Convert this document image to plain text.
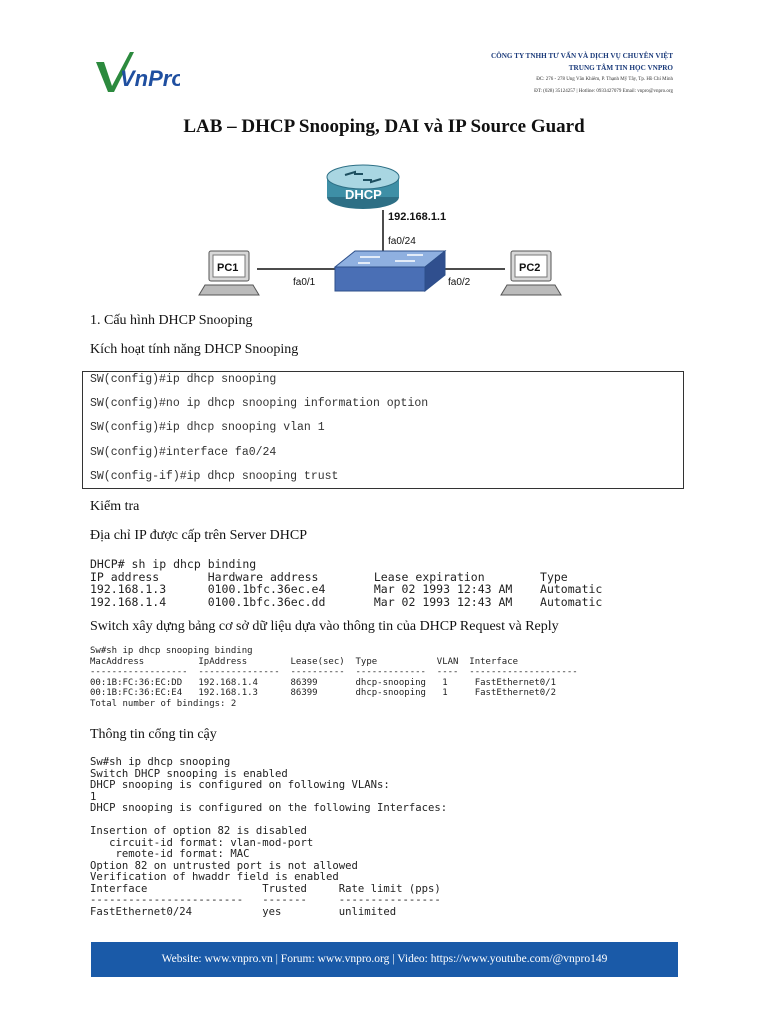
VnPro
CÔNG TY TNHH TƯ VẤN VÀ DỊCH VỤ CHUYÊN VIỆT
TRUNG TÂM TIN HỌC VNPRO
ĐC: 276 - 278 Ung Văn Khiêm, P. Thạnh Mỹ Tây, Tp. Hồ Chí Minh
ĐT: (028) 35124257 | Hotline: 0933427079 Email: vnpro@vnpro.org
LAB – DHCP Snooping, DAI và IP Source Guard
DHCP
192.168.1.1
fa0/24
PC1
fa0/1
PC2
fa0/2
1. Cấu hình DHCP Snooping
Kích hoạt tính năng DHCP Snooping
SW(config)#ip dhcp snooping
SW(config)#no ip dhcp snooping information option
SW(config)#ip dhcp snooping vlan 1
SW(config)#interface fa0/24
SW(config-if)#ip dhcp snooping trust
Kiểm tra
Địa chỉ IP được cấp trên Server DHCP
DHCP# sh ip dhcp binding
IP address       Hardware address        Lease expiration        Type
192.168.1.3      0100.1bfc.36ec.e4       Mar 02 1993 12:43 AM    Automatic
192.168.1.4      0100.1bfc.36ec.dd       Mar 02 1993 12:43 AM    Automatic
Switch xây dựng bảng cơ sở dữ liệu dựa vào thông tin của DHCP Request và Reply
Sw#sh ip dhcp snooping binding
MacAddress          IpAddress        Lease(sec)  Type           VLAN  Interface
------------------  ---------------  ----------  -------------  ----  --------------------
00:1B:FC:36:EC:DD   192.168.1.4      86399       dhcp-snooping   1     FastEthernet0/1
00:1B:FC:36:EC:E4   192.168.1.3      86399       dhcp-snooping   1     FastEthernet0/2
Total number of bindings: 2
Thông tin cổng tin cậy
Sw#sh ip dhcp snooping
Switch DHCP snooping is enabled
DHCP snooping is configured on following VLANs:
1
DHCP snooping is configured on the following Interfaces:

Insertion of option 82 is disabled
circuit-id format: vlan-mod-port
remote-id format: MAC
Option 82 on untrusted port is not allowed
Verification of hwaddr field is enabled
Interface                  Trusted     Rate limit (pps)
------------------------   -------     ----------------
FastEthernet0/24           yes         unlimited
Website: www.vnpro.vn | Forum: www.vnpro.org | Video: https://www.youtube.com/@vnpro149
